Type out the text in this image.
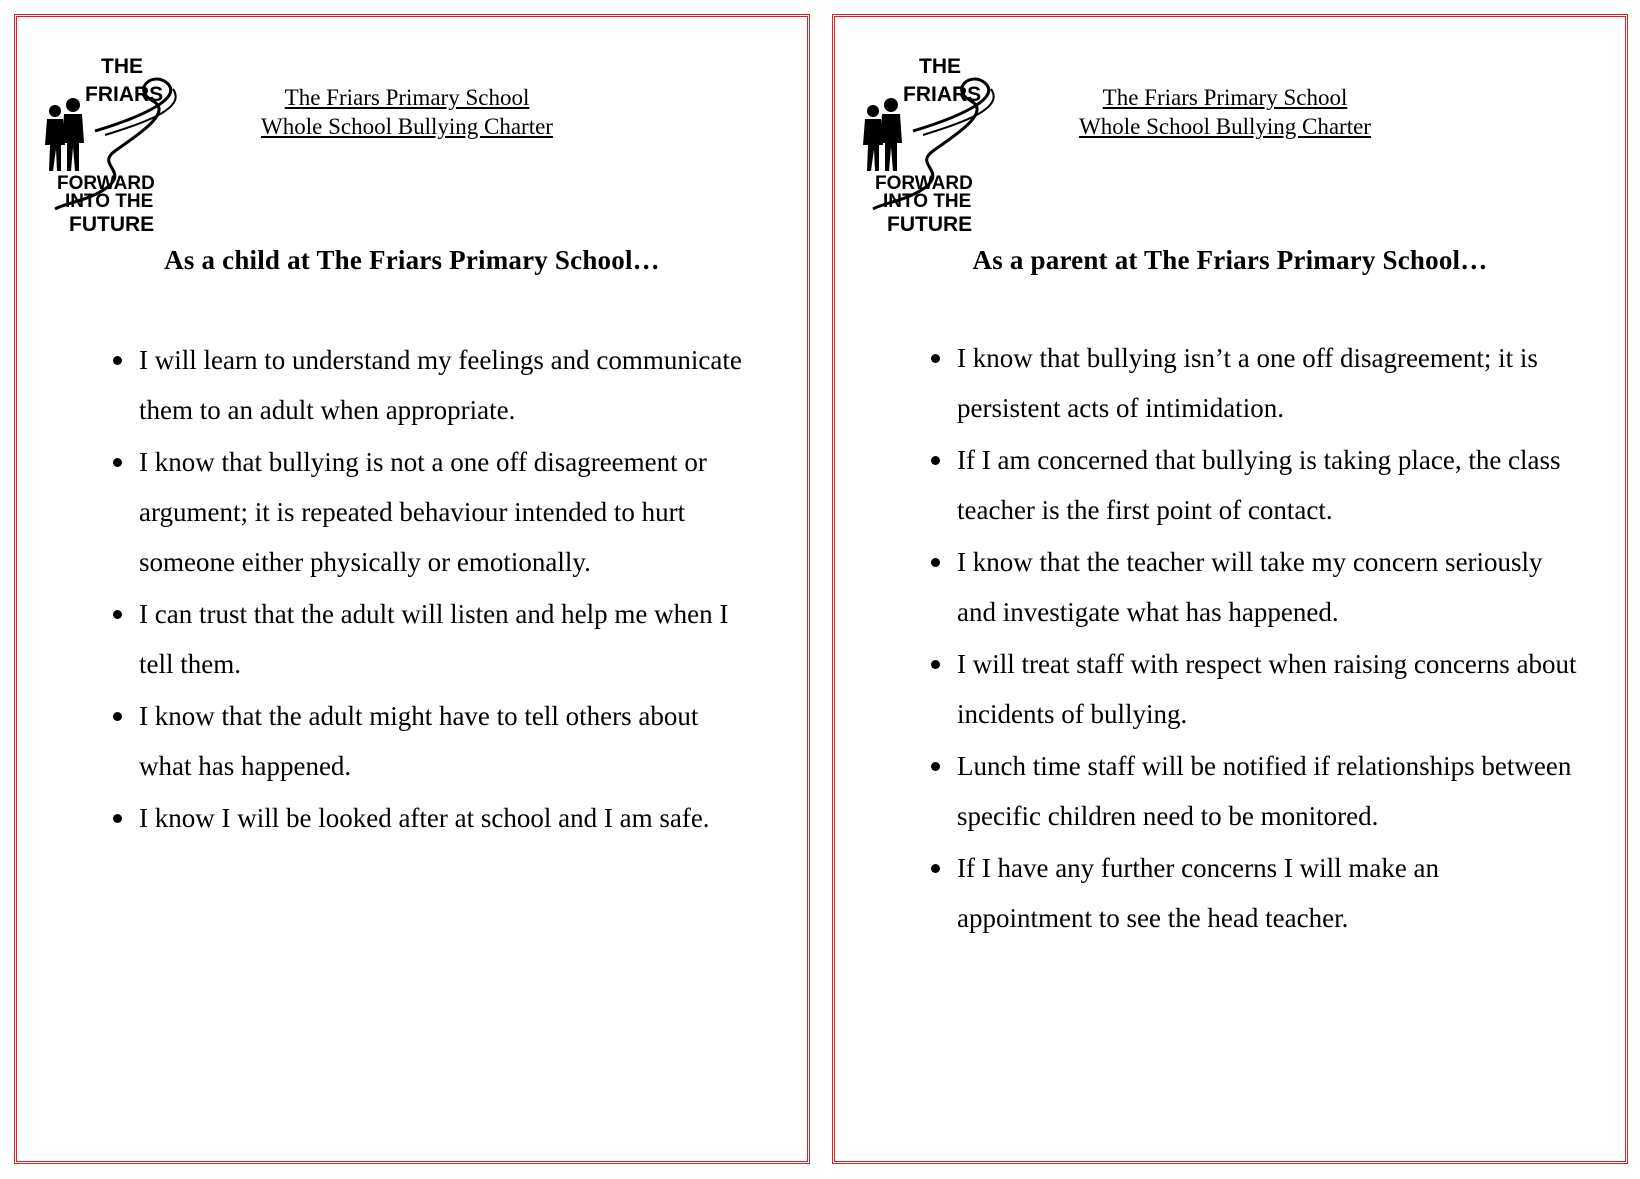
THE
FRIARS
FORWARD
INTO THE
FUTURE
The Friars Primary School
Whole School Bullying Charter
As a child at The Friars Primary School…
I will learn to understand my feelings and communicate them to an adult when appropriate.
I know that bullying is not a one off disagreement or argument; it is repeated behaviour intended to hurt someone either physically or emotionally.
I can trust that the adult will listen and help me when I tell them.
I know that the adult might have to tell others about what has happened.
I know I will be looked after at school and I am safe.
THE
FRIARS
FORWARD
INTO THE
FUTURE
The Friars Primary School
Whole School Bullying Charter
As a parent at The Friars Primary School…
I know that bullying isn’t a one off disagreement; it is persistent acts of intimidation.
If I am concerned that bullying is taking place, the class teacher is the first point of contact.
I know that the teacher will take my concern seriously and investigate what has happened.
I will treat staff with respect when raising concerns about incidents of bullying.
Lunch time staff will be notified if relationships between specific children need to be monitored.
If I have any further concerns I will make an appointment to see the head teacher.
